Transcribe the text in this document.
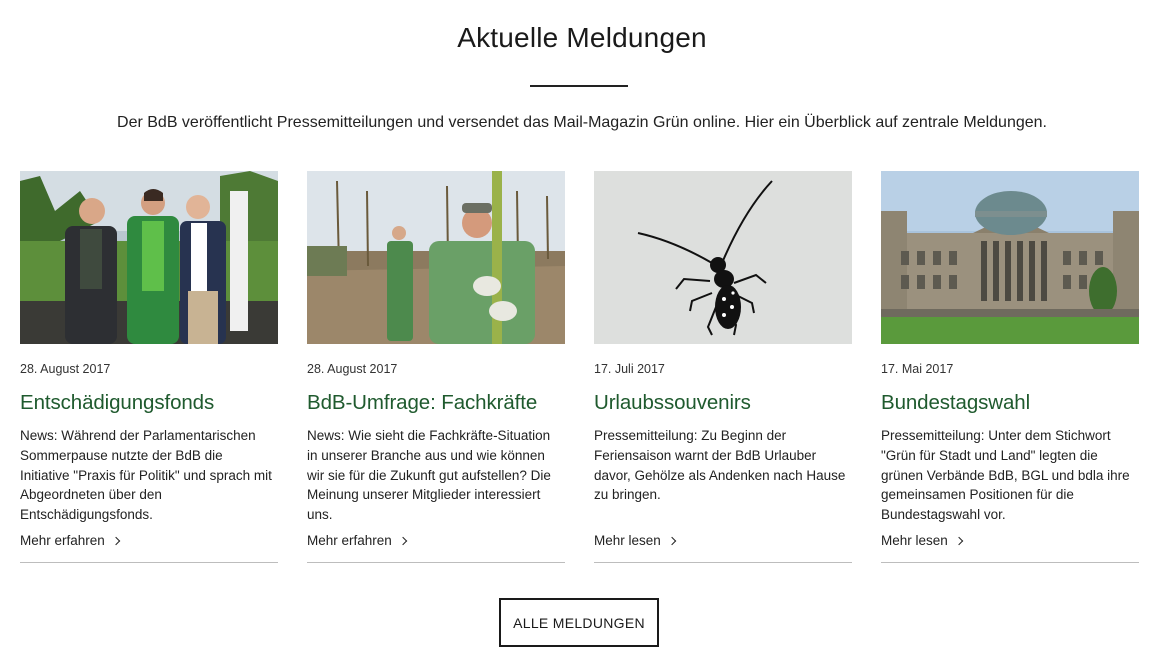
Aktuelle Meldungen

Der BdB veröffentlicht Pressemitteilungen und versendet das Mail-Magazin Grün online. Hier ein Überblick auf zentrale Meldungen.

28. August 2017
Entschädigungsfonds

News: Während der Parlamentarischen Sommerpause nutzte der BdB die Initiative "Praxis für Politik" und sprach mit Abgeordneten über den Entschädigungsfonds.

Mehr erfahren
28. August 2017
BdB-Umfrage: Fachkräfte

News: Wie sieht die Fachkräfte-Situation in unserer Branche aus und wie können wir sie für die Zukunft gut aufstellen? Die Meinung unserer Mitglieder interessiert uns.

Mehr erfahren
17. Juli 2017
Urlaubssouvenirs

Pressemitteilung: Zu Beginn der Feriensaison warnt der BdB Urlauber davor, Gehölze als Andenken nach Hause zu bringen.

Mehr lesen
17. Mai 2017
Bundestagswahl

Pressemitteilung: Unter dem Stichwort "Grün für Stadt und Land" legten die grünen Verbände BdB, BGL und bdla ihre gemeinsamen Positionen für die Bundestagswahl vor.

Mehr lesen
ALLE MELDUNGEN
